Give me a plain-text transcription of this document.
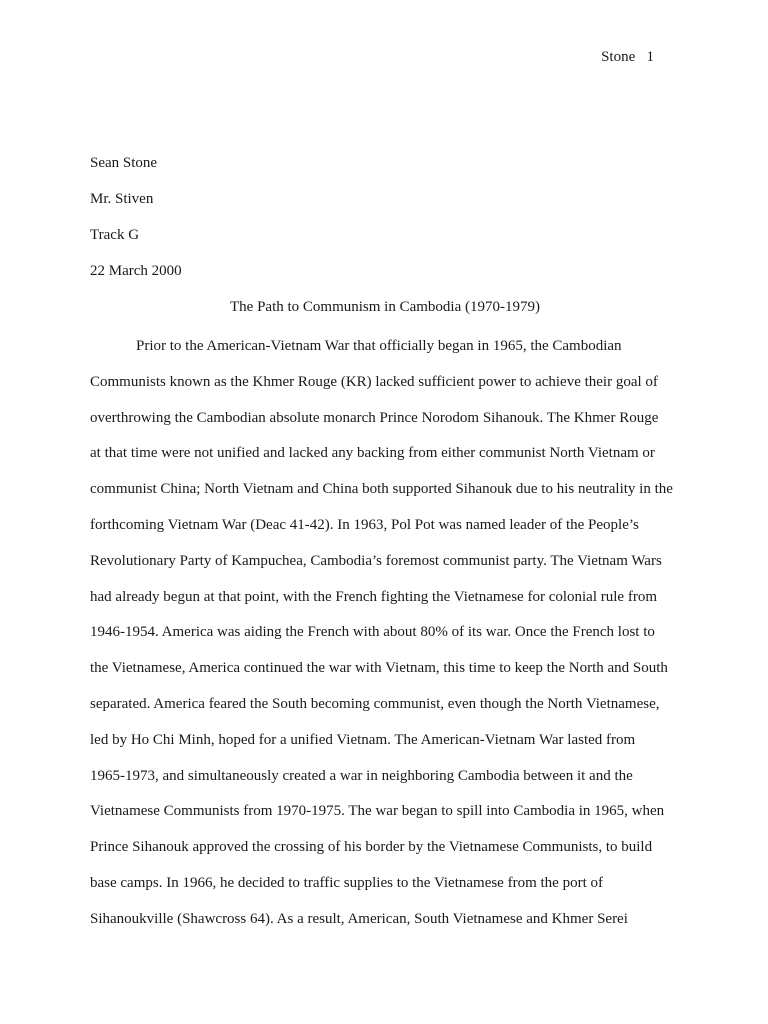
Stone   1
Sean Stone
Mr. Stiven
Track G
22 March 2000
The Path to Communism in Cambodia (1970-1979)
Prior to the American-Vietnam War that officially began in 1965, the Cambodian
Communists known as the Khmer Rouge (KR) lacked sufficient power to achieve their goal of
overthrowing the Cambodian absolute monarch Prince Norodom Sihanouk. The Khmer Rouge
at that time were not unified and lacked any backing from either communist North Vietnam or
communist China; North Vietnam and China both supported Sihanouk due to his neutrality in the
forthcoming Vietnam War (Deac 41-42). In 1963, Pol Pot was named leader of the People’s
Revolutionary Party of Kampuchea, Cambodia’s foremost communist party. The Vietnam Wars
had already begun at that point, with the French fighting the Vietnamese for colonial rule from
1946-1954. America was aiding the French with about 80% of its war. Once the French lost to
the Vietnamese, America continued the war with Vietnam, this time to keep the North and South
separated. America feared the South becoming communist, even though the North Vietnamese,
led by Ho Chi Minh, hoped for a unified Vietnam. The American-Vietnam War lasted from
1965-1973, and simultaneously created a war in neighboring Cambodia between it and the
Vietnamese Communists from 1970-1975. The war began to spill into Cambodia in 1965, when
Prince Sihanouk approved the crossing of his border by the Vietnamese Communists, to build
base camps. In 1966, he decided to traffic supplies to the Vietnamese from the port of
Sihanoukville (Shawcross 64). As a result, American, South Vietnamese and Khmer Serei
